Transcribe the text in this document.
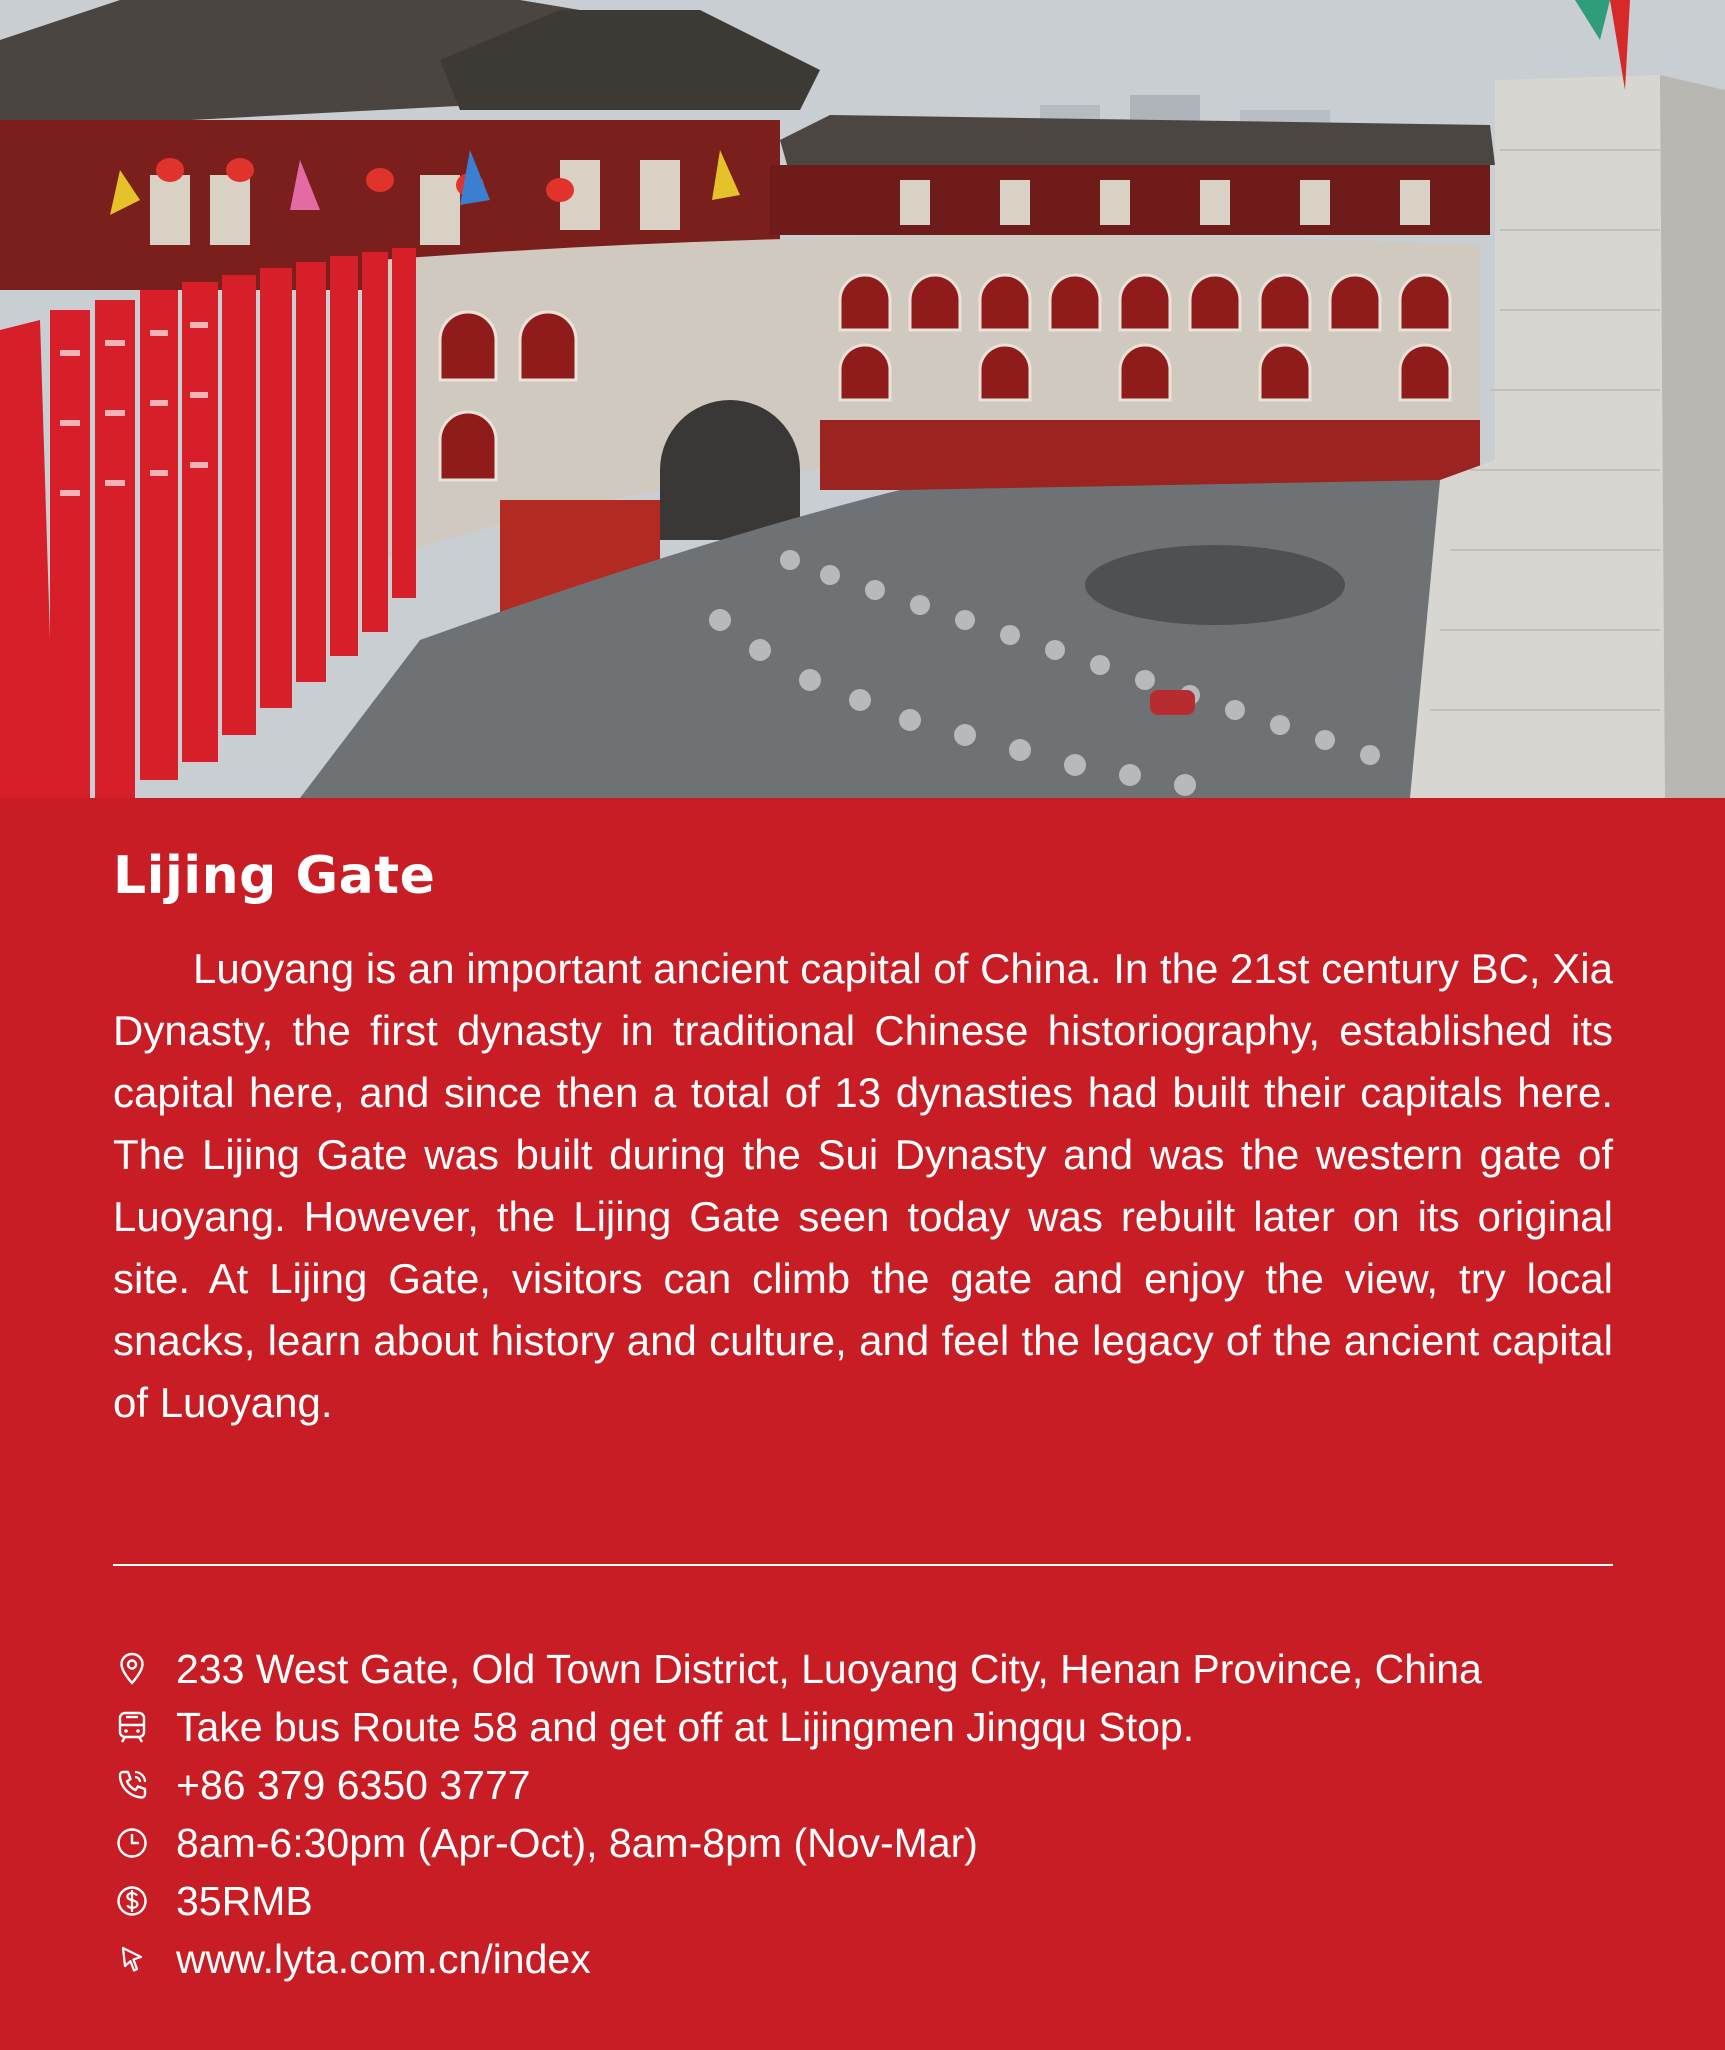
Lijing Gate

Luoyang is an important ancient capital of China. In the 21st century BC, Xia Dynasty, the first dynasty in traditional Chinese historiography, established its capital here, and since then a total of 13 dynasties had built their capitals here. The Lijing Gate was built during the Sui Dynasty and was the western gate of Luoyang. However, the Lijing Gate seen today was rebuilt later on its original site. At Lijing Gate, visitors can climb the gate and enjoy the view, try local snacks, learn about history and culture, and feel the legacy of the ancient capital of Luoyang.

233 West Gate, Old Town District, Luoyang City, Henan Province, China
Take bus Route 58 and get off at Lijingmen Jingqu Stop.
+86 379 6350 3777
8am-6:30pm (Apr-Oct), 8am-8pm (Nov-Mar)
35RMB
www.lyta.com.cn/index
